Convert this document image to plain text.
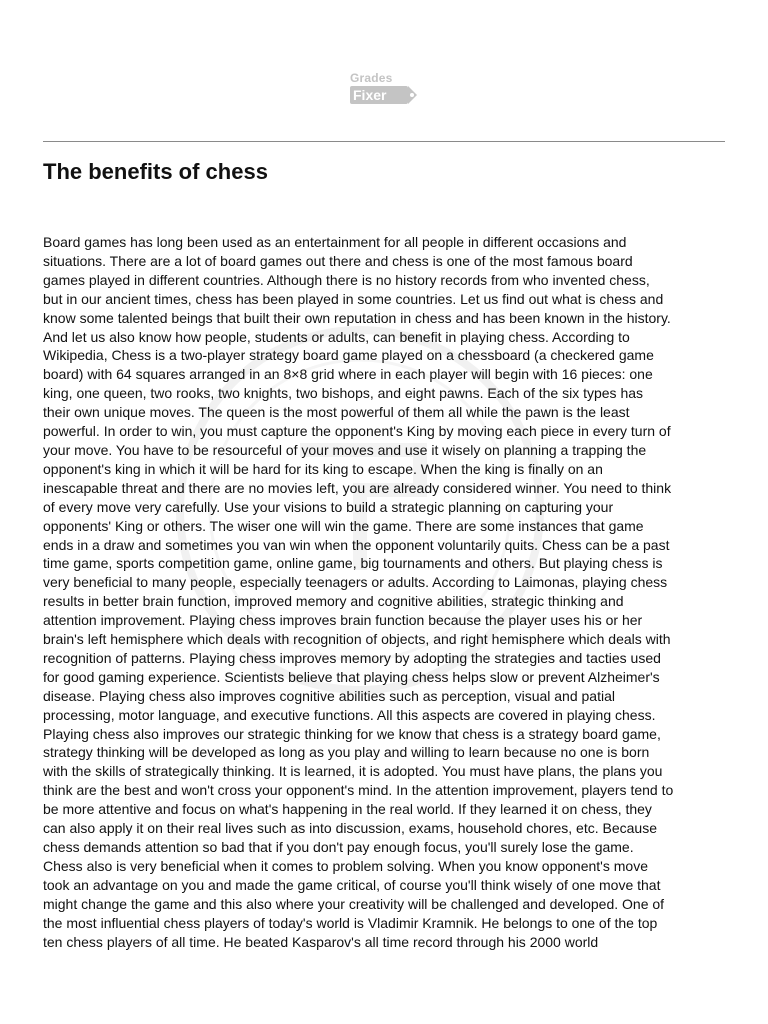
Grades
Fixer
The benefits of chess
Board games has long been used as an entertainment for all people in different occasions and
situations. There are a lot of board games out there and chess is one of the most famous board
games played in different countries. Although there is no history records from who invented chess,
but in our ancient times, chess has been played in some countries. Let us find out what is chess and
know some talented beings that built their own reputation in chess and has been known in the history.
And let us also know how people, students or adults, can benefit in playing chess. According to
Wikipedia, Chess is a two-player strategy board game played on a chessboard (a checkered game
board) with 64 squares arranged in an 8×8 grid where in each player will begin with 16 pieces: one
king, one queen, two rooks, two knights, two bishops, and eight pawns. Each of the six types has
their own unique moves. The queen is the most powerful of them all while the pawn is the least
powerful. In order to win, you must capture the opponent's King by moving each piece in every turn of
your move. You have to be resourceful of your moves and use it wisely on planning a trapping the
opponent's king in which it will be hard for its king to escape. When the king is finally on an
inescapable threat and there are no movies left, you are already considered winner. You need to think
of every move very carefully. Use your visions to build a strategic planning on capturing your
opponents' King or others. The wiser one will win the game. There are some instances that game
ends in a draw and sometimes you van win when the opponent voluntarily quits. Chess can be a past
time game, sports competition game, online game, big tournaments and others. But playing chess is
very beneficial to many people, especially teenagers or adults. According to Laimonas, playing chess
results in better brain function, improved memory and cognitive abilities, strategic thinking and
attention improvement. Playing chess improves brain function because the player uses his or her
brain's left hemisphere which deals with recognition of objects, and right hemisphere which deals with
recognition of patterns. Playing chess improves memory by adopting the strategies and tacties used
for good gaming experience. Scientists believe that playing chess helps slow or prevent Alzheimer's
disease. Playing chess also improves cognitive abilities such as perception, visual and patial
processing, motor language, and executive functions. All this aspects are covered in playing chess.
Playing chess also improves our strategic thinking for we know that chess is a strategy board game,
strategy thinking will be developed as long as you play and willing to learn because no one is born
with the skills of strategically thinking. It is learned, it is adopted. You must have plans, the plans you
think are the best and won't cross your opponent's mind. In the attention improvement, players tend to
be more attentive and focus on what's happening in the real world. If they learned it on chess, they
can also apply it on their real lives such as into discussion, exams, household chores, etc. Because
chess demands attention so bad that if you don't pay enough focus, you'll surely lose the game.
Chess also is very beneficial when it comes to problem solving. When you know opponent's move
took an advantage on you and made the game critical, of course you'll think wisely of one move that
might change the game and this also where your creativity will be challenged and developed. One of
the most influential chess players of today's world is Vladimir Kramnik. He belongs to one of the top
ten chess players of all time. He beated Kasparov's all time record through his 2000 world
